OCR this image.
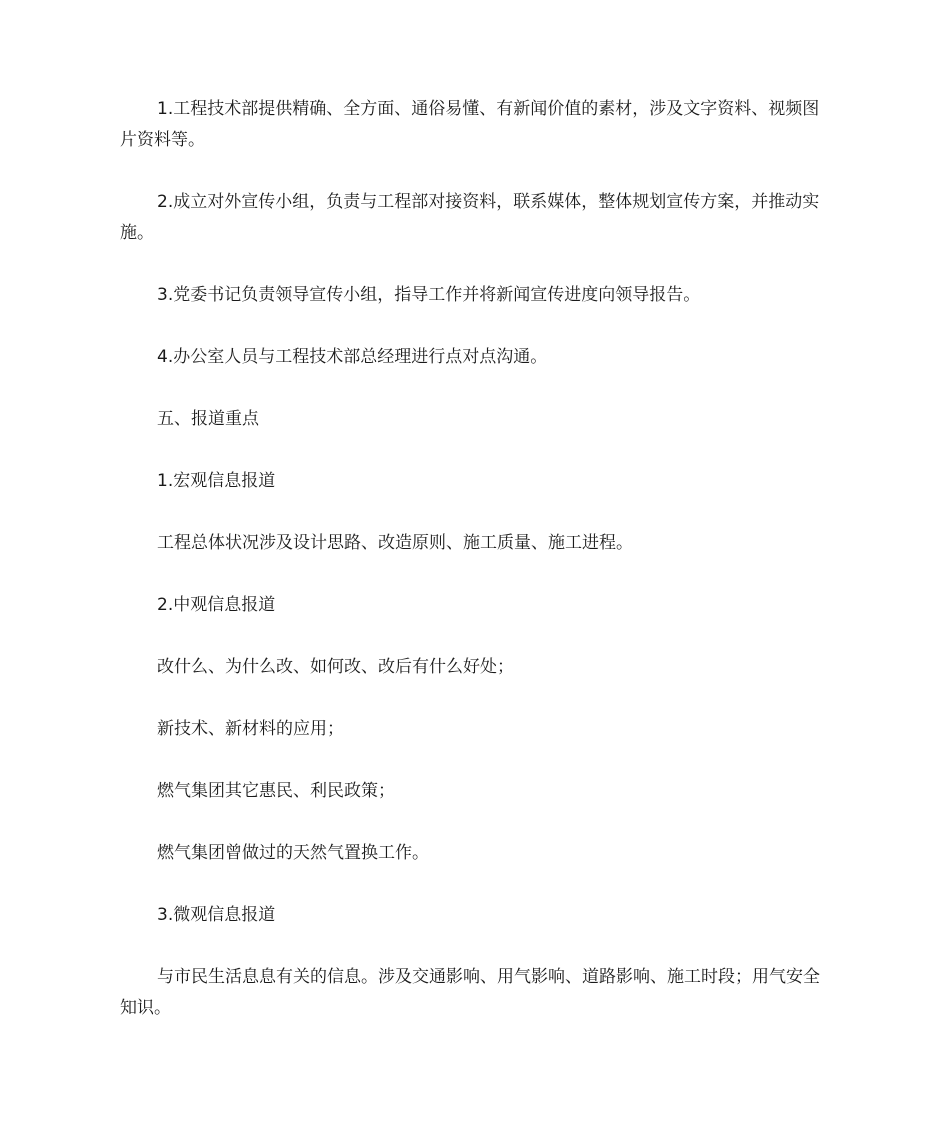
1.工程技术部提供精确、全方面、通俗易懂、有新闻价值的素材，涉及文字资料、视频图片资料等。

2.成立对外宣传小组，负责与工程部对接资料，联系媒体，整体规划宣传方案，并推动实施。

3.党委书记负责领导宣传小组，指导工作并将新闻宣传进度向领导报告。

4.办公室人员与工程技术部总经理进行点对点沟通。

五、报道重点

1.宏观信息报道

工程总体状况涉及设计思路、改造原则、施工质量、施工进程。

2.中观信息报道

改什么、为什么改、如何改、改后有什么好处；

新技术、新材料的应用；

燃气集团其它惠民、利民政策；

燃气集团曾做过的天然气置换工作。

3.微观信息报道

与市民生活息息有关的信息。涉及交通影响、用气影响、道路影响、施工时段；用气安全知识。
